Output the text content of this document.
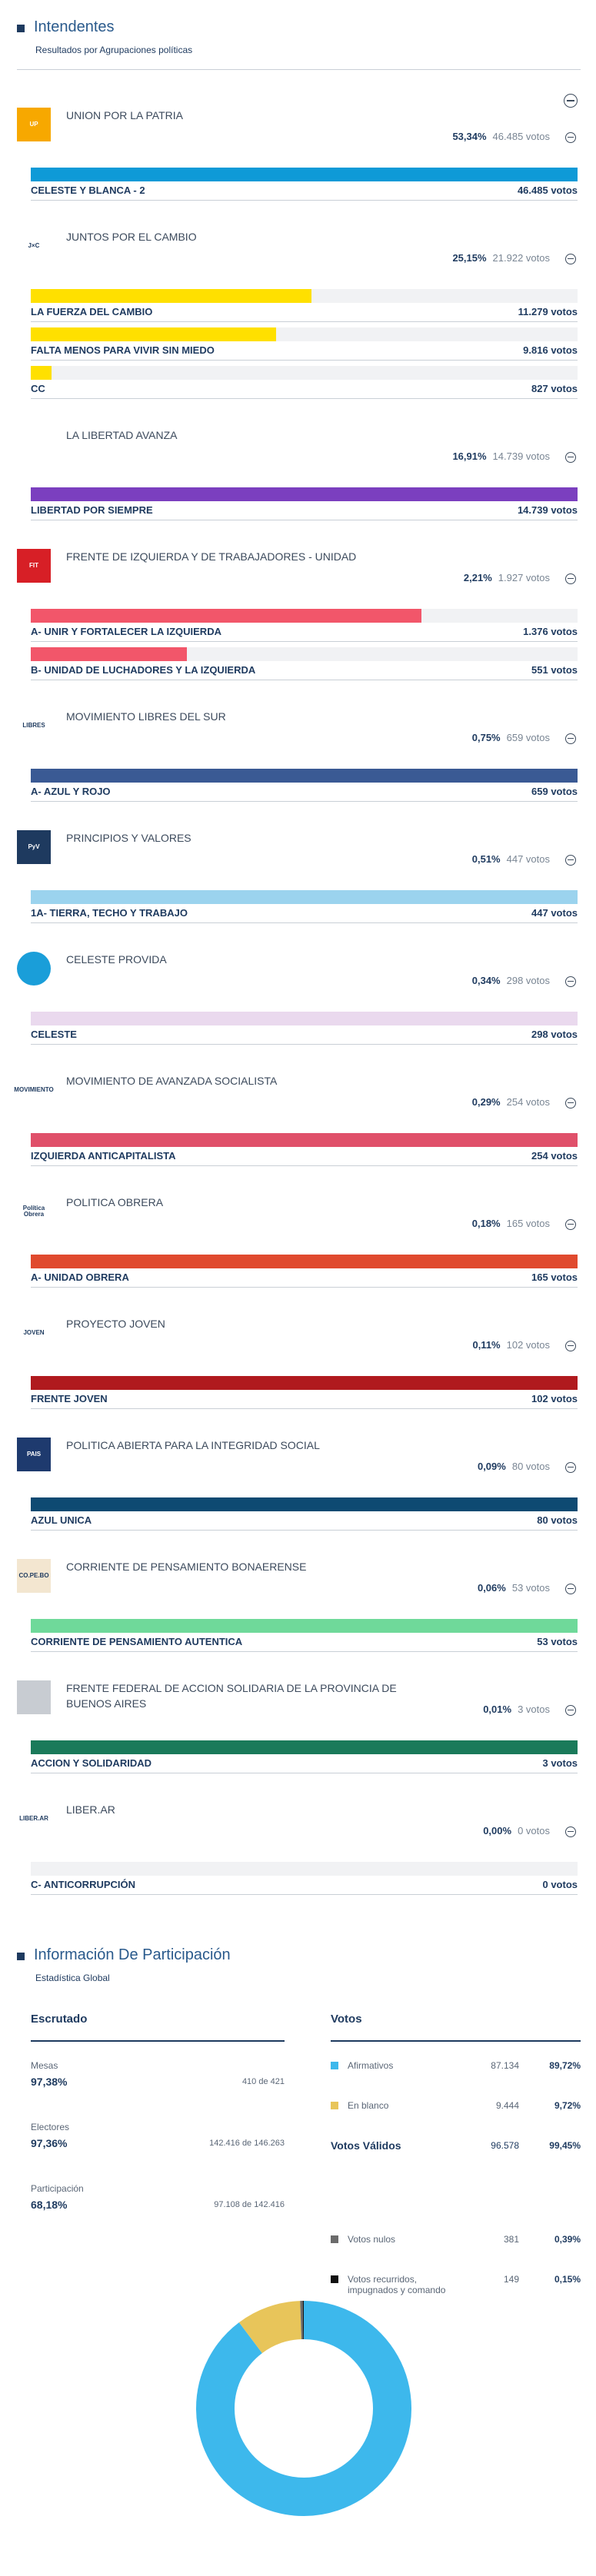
Intendentes
Resultados por Agrupaciones políticas
UP
UNION POR LA PATRIA
53,34% 46.485 votos
CELESTE Y BLANCA - 2	46.485 votos
J×C
JUNTOS POR EL CAMBIO
25,15% 21.922 votos
LA FUERZA DEL CAMBIO	11.279 votos
FALTA MENOS PARA VIVIR SIN MIEDO	9.816 votos
CC	827 votos
LA LIBERTAD AVANZA
16,91% 14.739 votos
LIBERTAD POR SIEMPRE	14.739 votos
FIT
FRENTE DE IZQUIERDA Y DE TRABAJADORES - UNIDAD
2,21% 1.927 votos
A- UNIR Y FORTALECER LA IZQUIERDA	1.376 votos
B- UNIDAD DE LUCHADORES Y LA IZQUIERDA	551 votos
LIBRES
MOVIMIENTO LIBRES DEL SUR
0,75% 659 votos
A- AZUL Y ROJO	659 votos
PyV
PRINCIPIOS Y VALORES
0,51% 447 votos
1A- TIERRA, TECHO Y TRABAJO	447 votos
CELESTE PROVIDA
0,34% 298 votos
CELESTE	298 votos
MOVIMIENTO
MOVIMIENTO DE AVANZADA SOCIALISTA
0,29% 254 votos
IZQUIERDA ANTICAPITALISTA	254 votos
Política Obrera
POLITICA OBRERA
0,18% 165 votos
A- UNIDAD OBRERA	165 votos
JOVEN
PROYECTO JOVEN
0,11% 102 votos
FRENTE JOVEN	102 votos
PAIS
POLITICA ABIERTA PARA LA INTEGRIDAD SOCIAL
0,09% 80 votos
AZUL UNICA	80 votos
CO.PE.BO
CORRIENTE DE PENSAMIENTO BONAERENSE
0,06% 53 votos
CORRIENTE DE PENSAMIENTO AUTENTICA	53 votos
FRENTE FEDERAL DE ACCION SOLIDARIA DE LA PROVINCIA DE BUENOS AIRES	0,01% 3 votos
ACCION Y SOLIDARIDAD	3 votos
LIBER.AR
LIBER.AR
0,00% 0 votos
C- ANTICORRUPCIÓN	0 votos
Información De Participación
Estadística Global
Escrutado
Mesas
97,38%	410 de 421
Electores
97,36%	142.416 de 146.263
Participación
68,18%	97.108 de 142.416
Votos
Afirmativos	87.134	89,72%
En blanco	9.444	9,72%
Votos Válidos	96.578	99,45%
Votos nulos	381	0,39%
Votos recurridos, impugnados y comando
149	0,15%
